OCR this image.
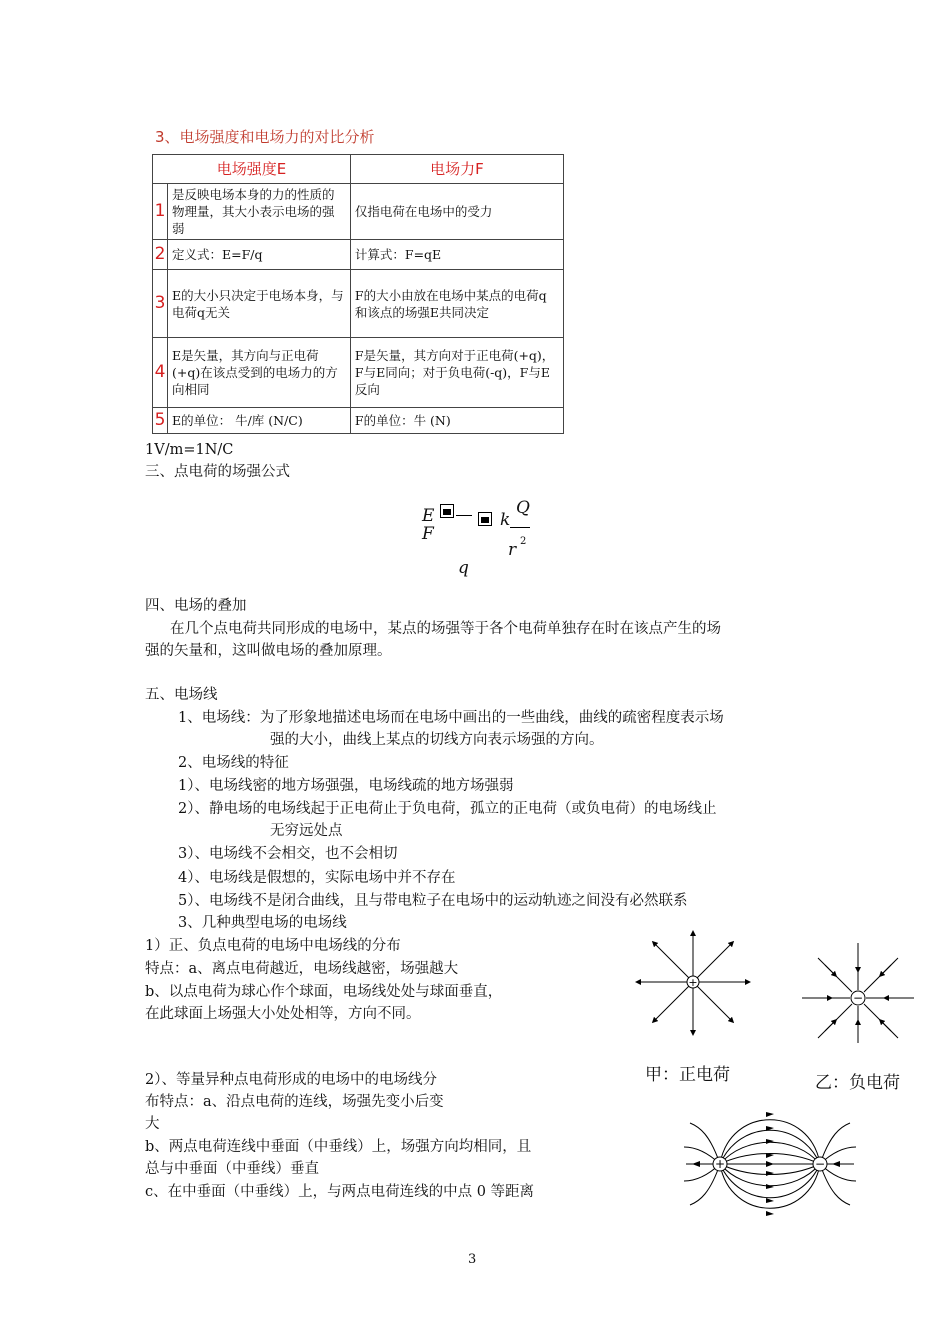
3、电场强度和电场力的对比分析
电场强度E		电场力F
1	是反映电场本身的力的性质的物理量，其大小表示电场的强弱	仅指电荷在电场中的受力
2	定义式：E=F/q	计算式：F=qE
3	E的大小只决定于电场本身，与电荷q无关	F的大小由放在电场中某点的电荷q和该点的场强E共同决定
4	E是矢量，其方向与正电荷(+q)在该点受到的电场力的方向相同	F是矢量，其方向对于正电荷(+q)，F与E同向；对于负电荷(-q)，F与E反向
5	E的单位： 牛/库 (N/C)	F的单位：牛 (N)
1V/m=1N/C
三、点电荷的场强公式
E
F
k
Q
r 2
q
四、电场的叠加
在几个点电荷共同形成的电场中，某点的场强等于各个电荷单独存在时在该点产生的场
强的矢量和，这叫做电场的叠加原理。
五、电场线
1、电场线：为了形象地描述电场而在电场中画出的一些曲线，曲线的疏密程度表示场
强的大小，曲线上某点的切线方向表示场强的方向。
2、电场线的特征
1）、电场线密的地方场强强，电场线疏的地方场强弱
2）、静电场的电场线起于正电荷止于负电荷，孤立的正电荷（或负电荷）的电场线止
无穷远处点
3）、电场线不会相交，也不会相切
4）、电场线是假想的，实际电场中并不存在
5）、电场线不是闭合曲线，且与带电粒子在电场中的运动轨迹之间没有必然联系
3、几种典型电场的电场线
1）正、负点电荷的电场中电场线的分布
特点：a、离点电荷越近，电场线越密，场强越大
b、以点电荷为球心作个球面，电场线处处与球面垂直，
在此球面上场强大小处处相等，方向不同。
+
−
甲：正电荷	乙：负电荷
2）、等量异种点电荷形成的电场中的电场线分
布特点：a、沿点电荷的连线，场强先变小后变
大
b、两点电荷连线中垂面（中垂线）上，场强方向均相同，且
总与中垂面（中垂线）垂直
c、在中垂面（中垂线）上，与两点电荷连线的中点 0 等距离
+	−
3
